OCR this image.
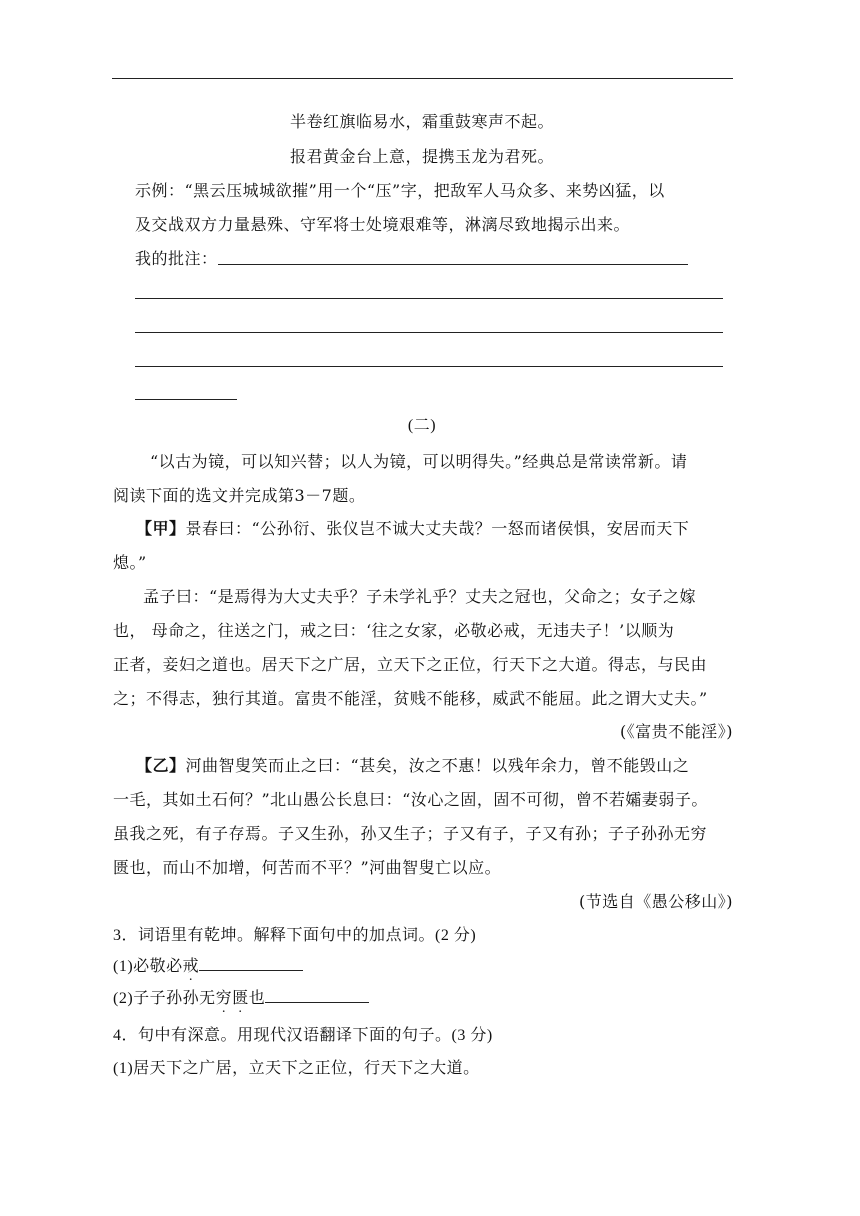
半卷红旗临易水，霜重鼓寒声不起。
报君黄金台上意，提携玉龙为君死。
示例：“黑云压城城欲摧”用一个“压”字，把敌军人马众多、来势凶猛，以
及交战双方力量悬殊、守军将士处境艰难等，淋漓尽致地揭示出来。
我的批注：
(二)
“以古为镜，可以知兴替；以人为镜，可以明得失。”经典总是常读常新。请
阅读下面的选文并完成第3－7题。
【甲】景春曰：“公孙衍、张仪岂不诚大丈夫哉？一怒而诸侯惧，安居而天下
熄。”
孟子曰：“是焉得为大丈夫乎？子未学礼乎？丈夫之冠也，父命之；女子之嫁
也， 母命之，往送之门，戒之曰：‘往之女家，必敬必戒，无违夫子！’以顺为
正者，妾妇之道也。居天下之广居，立天下之正位，行天下之大道。得志，与民由
之；不得志，独行其道。富贵不能淫，贫贱不能移，威武不能屈。此之谓大丈夫。”
(《富贵不能淫》)
【乙】河曲智叟笑而止之曰：“甚矣，汝之不惠！以残年余力，曾不能毁山之
一毛，其如土石何？”北山愚公长息曰：“汝心之固，固不可彻，曾不若孀妻弱子。
虽我之死，有子存焉。子又生孙，孙又生子；子又有子，子又有孙；子子孙孙无穷
匮也，而山不加增，何苦而不平？”河曲智叟亡以应。
(节选自《愚公移山》)
3．词语里有乾坤。解释下面句中的加点词。(2 分)
(1)必敬必戒
(2)子子孙孙无穷匮也
4．句中有深意。用现代汉语翻译下面的句子。(3 分)
(1)居天下之广居，立天下之正位，行天下之大道。
